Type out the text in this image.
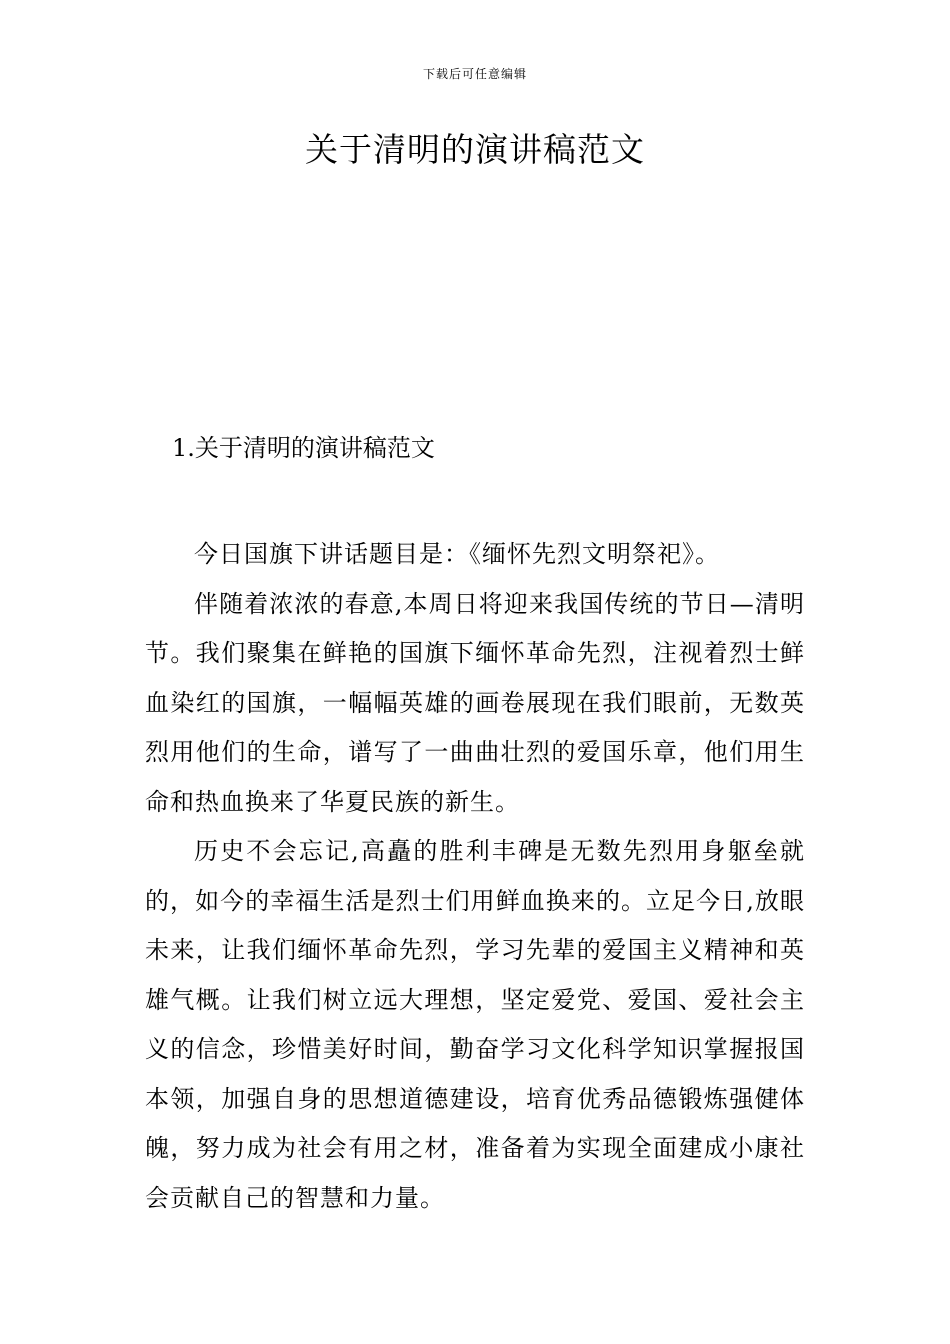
下载后可任意编辑
关于清明的演讲稿范文
1.关于清明的演讲稿范文

今日国旗下讲话题目是：《缅怀先烈文明祭祀》。

伴随着浓浓的春意,本周日将迎来我国传统的节日—清明节。我们聚集在鲜艳的国旗下缅怀革命先烈，注视着烈士鲜血染红的国旗，一幅幅英雄的画卷展现在我们眼前，无数英烈用他们的生命，谱写了一曲曲壮烈的爱国乐章，他们用生命和热血换来了华夏民族的新生。

历史不会忘记,高矗的胜利丰碑是无数先烈用身躯垒就的，如今的幸福生活是烈士们用鲜血换来的。立足今日,放眼未来，让我们缅怀革命先烈，学习先辈的爱国主义精神和英雄气概。让我们树立远大理想，坚定爱党、爱国、爱社会主义的信念，珍惜美好时间，勤奋学习文化科学知识掌握报国本领，加强自身的思想道德建设，培育优秀品德锻炼强健体魄，努力成为社会有用之材，准备着为实现全面建成小康社会贡献自己的智慧和力量。
